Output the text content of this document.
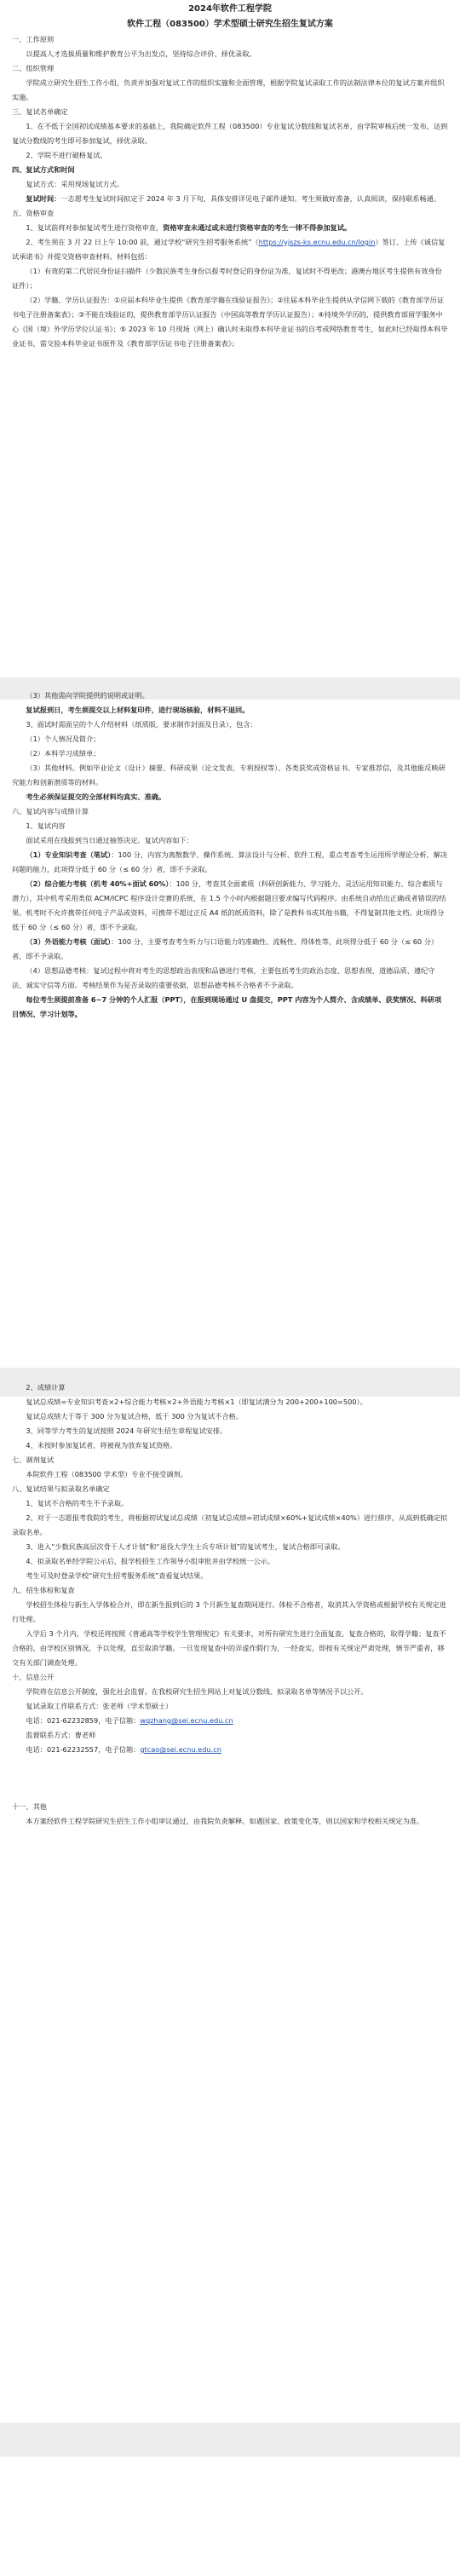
2024年软件工程学院
软件工程（083500）学术型硕士研究生招生复试方案

一、工作原则

以提高人才选拔质量和维护教育公平为出发点，坚持综合评价、择优录取。

二、组织管理

学院成立研究生招生工作小组，负责并加强对复试工作的组织实施和全面管理，根据学院复试录取工作的法制法律本位的复试方案并组织实施。

三、复试名单确定

1、在不低于全国初试成绩基本要求的基础上，我院确定软件工程（083500）专业复试分数线和复试名单，由学院审核后统一发布，达到复试分数线的考生即可参加复试，择优录取。

2、学院不进行破格复试。

四、复试方式和时间

复试方式：采用现场复试方式。

复试时间：一志愿考生复试时间拟定于 2024 年 3 月下旬，具体安排详见电子邮件通知。考生须做好准备，认真阅读，保持联系畅通。

五、资格审查

1、复试前将对参加复试考生进行资格审查，资格审查未通过或未进行资格审查的考生一律不得参加复试。

2、考生须在 3 月 22 日上午 10:00 前，通过学校“研究生招考服务系统”（https://yjszs-ks.ecnu.edu.cn/login）签订、上传《诚信复试承诺书》并提交资格审查材料。材料包括：

（1）有效的第二代居民身份证扫描件（少数民族考生身份以报考时登记的身份证为准，复试时不得更改；港澳台地区考生提供有效身份证件）；

（2）学籍、学历认证报告：①应届本科毕业生提供《教育部学籍在线验证报告》；②往届本科毕业生提供从学信网下载的《教育部学历证书电子注册备案表》；③不能在线验证的，提供教育部学历认证报告（中国高等教育学历认证报告）；④持境外学历的，提供教育部留学服务中心《国（境）外学历学位认证书》；⑤ 2023 年 10 月现场（网上）确认时未取得本科毕业证书的自考或网络教育考生，如此时已经取得本科毕业证书，需交验本科毕业证书原件及《教育部学历证书电子注册备案表》；

（3）其他需向学院提供的说明或证明。

复试报到日，考生须提交以上材料复印件，进行现场核验，材料不退回。

3、面试时需面呈的个人介绍材料（纸质版，要求制作封面及目录），包含：

（1）个人情况及简介；

（2）本科学习成绩单；

（3）其他材料。例如毕业论文（设计）摘要、科研成果（论文发表、专利授权等）、各类获奖或资格证书、专家推荐信，及其他能反映研究能力和创新潜质等的材料。

考生必须保证提交的全部材料均真实、准确。

六、复试内容与成绩计算

1、复试内容

面试采用在线报到当日通过抽签决定。复试内容如下：

（1）专业知识考查（笔试）：100 分，内容为离散数学、操作系统、算法设计与分析、软件工程，重点考查考生运用所学理论分析、解决问题的能力，此项得分低于 60 分（≤ 60 分）者，即不予录取。

（2）综合能力考核（机考 40%+面试 60%）：100 分，考查其全面素质（科研创新能力、学习能力、灵活运用知识能力、综合素质与潜力），其中机考采用类似 ACM/ICPC 程序设计竞赛的系统，在 1.5 个小时内根据题目要求编写代码程序。由系统自动给出正确或者错误的结果。机考时不允许携带任何电子产品或资料，可携带不超过正反 A4 纸的纸质资料，除了是教科书或其他书籍，不得复制其他文档。此项得分低于 60 分（≤ 60 分）者，即不予录取。

（3）外语能力考核（面试）：100 分，主要考查考生听力与口语能力的准确性、流畅性、得体性等，此项得分低于 60 分（≤ 60 分）者，即不予录取。

（4）思想品德考核：复试过程中将对考生的思想政治表现和品德进行考核，主要包括考生的政治态度、思想表现、道德品质、遵纪守法、诚实守信等方面。考核结果作为是否录取的重要依据，思想品德考核不合格者不予录取。

每位考生须提前准备 6~7 分钟的个人汇报（PPT），在报到现场通过 U 盘提交，PPT 内容为个人简介、含成绩单、获奖情况、科研项目情况、学习计划等。

2、成绩计算

复试总成绩=专业知识考查×2+综合能力考核×2+外语能力考核×1（即复试满分为 200+200+100=500）。

复试总成绩大于等于 300 分为复试合格，低于 300 分为复试不合格。

3、同等学力考生的复试按照 2024 年研究生招生章程复试安排。

4、未按时参加复试者，将被视为放弃复试资格。

七、调剂复试

本院软件工程（083500 学术型）专业不接受调剂。

八、复试结果与拟录取名单确定

1、复试不合格的考生不予录取。

2、对于一志愿报考我院的考生，将根据初试复试总成绩（初复试总成绩=初试成绩×60%+复试成绩×40%）进行排序，从高到低确定拟录取名单。

3、进入“少数民族高层次骨干人才计划”和“退役大学生士兵专项计划”的复试考生，复试合格即可录取。

4、拟录取名单经学院公示后，报学校招生工作领导小组审批并由学校统一公示。

考生可及时登录学校“研究生招考服务系统”查看复试结果。

九、招生体检和复查

学校招生体检与新生入学体检合并，即在新生报到后的 3 个月新生复查期间进行。体检不合格者，取消其入学资格或根据学校有关规定进行处理。

入学后 3 个月内，学校还将按照《普通高等学校学生管理规定》有关要求，对所有研究生进行全面复查。复查合格的，取得学籍；复查不合格的，由学校区别情况，予以处理，直至取消学籍。一旦发现复查中的弄虚作假行为，一经查实，即按有关规定严肃处理，情节严重者，移交有关部门调查处理。

十、信息公开

学院将在信息公开制度，强化社会监督。在我校研究生招生网站上对复试分数线、拟录取名单等情况予以公开。

复试录取工作联系方式：张老师（学术型硕士）

电话：021-62232859，电子信箱：wqzhang@sei.ecnu.edu.cn

监督联系方式：曹老师

电话：021-62232557，电子信箱：gtcao@sei.ecnu.edu.cn

十一、其他

本方案经软件工程学院研究生招生工作小组审议通过，由我院负责解释。如遇国家、政策变化等，则以国家和学校相关规定为准。
